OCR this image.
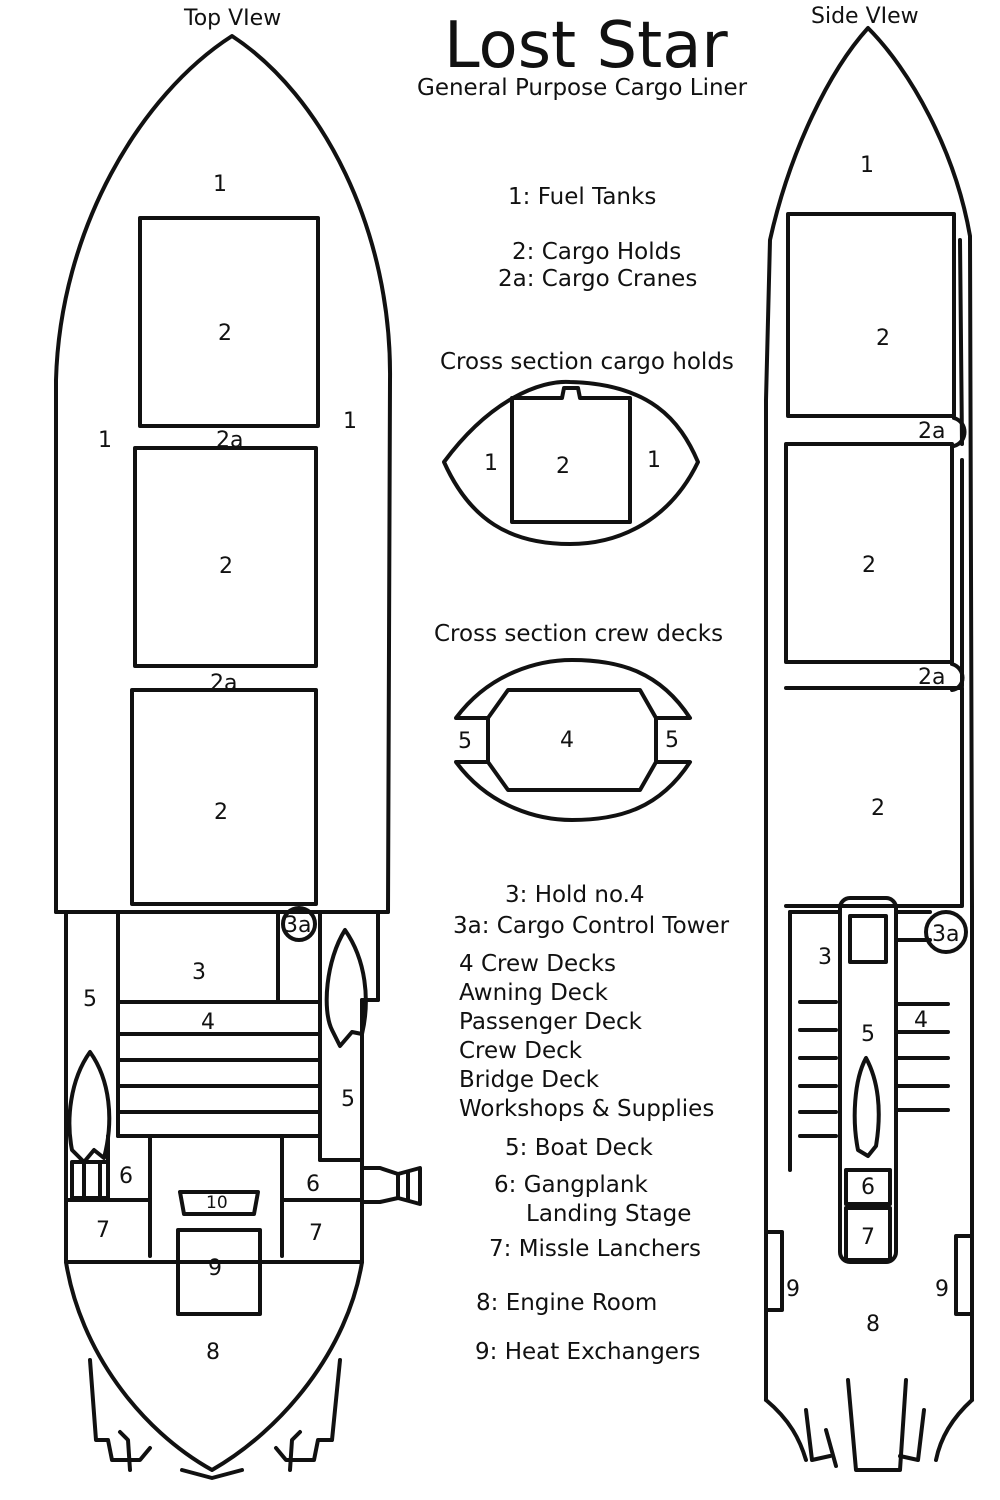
Top VIew	Side VIew
Lost Star
General Purpose Cargo Liner
1: Fuel Tanks
2: Cargo Holds
2a: Cargo Cranes
Cross section cargo holds
Cross section crew decks
3: Hold no.4
3a: Cargo Control Tower
4 Crew Decks
Awning Deck
Passenger Deck
Crew Deck
Bridge Deck
Workshops & Supplies
5: Boat Deck
6: Gangplank
Landing Stage
7: Missle Lanchers
8: Engine Room
9: Heat Exchangers
1
2
1
1
2a
2
2a
2
3a
3
5
4
5
6	6
10
7	7
9
8
1
2
2a
2
2a
2
3a
3
4
5
6
7
9	9
8
1	2	1
5	4	5
